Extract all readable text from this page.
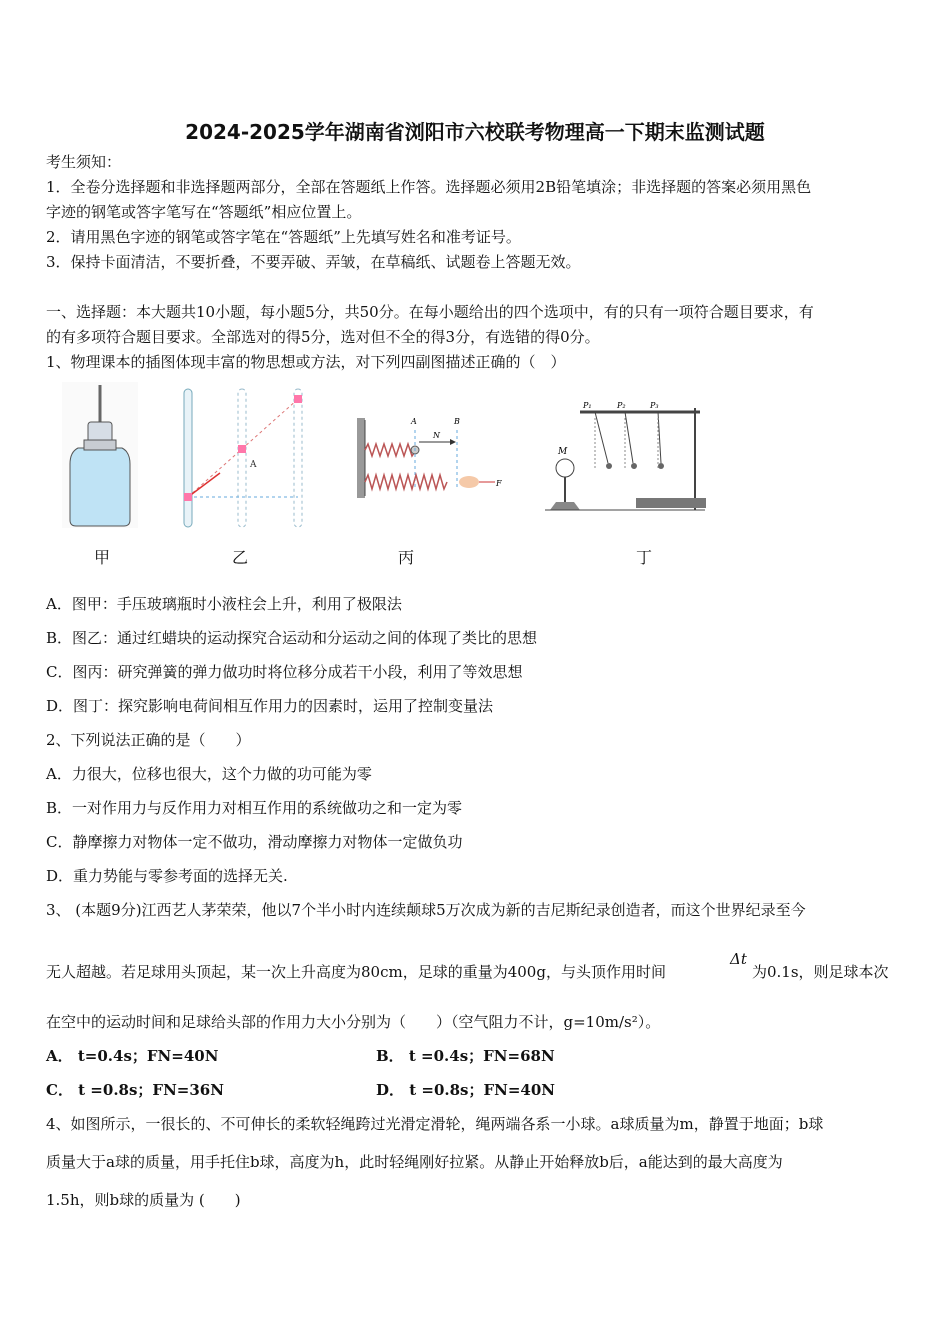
2024-2025学年湖南省浏阳市六校联考物理高一下期末监测试题
考生须知：
1．全卷分选择题和非选择题两部分，全部在答题纸上作答。选择题必须用2B铅笔填涂；非选择题的答案必须用黑色
字迹的钢笔或答字笔写在“答题纸”相应位置上。
2．请用黑色字迹的钢笔或答字笔在“答题纸”上先填写姓名和准考证号。
3．保持卡面清洁，不要折叠，不要弄破、弄皱，在草稿纸、试题卷上答题无效。
一、选择题：本大题共10小题，每小题5分，共50分。在每小题给出的四个选项中，有的只有一项符合题目要求，有
的有多项符合题目要求。全部选对的得5分，选对但不全的得3分，有选错的得0分。
1、物理课本的插图体现丰富的物思想或方法，对下列四副图描述正确的（　）
甲
A
乙
A	B
N
F
丙
P₁	P₂	P₃
M
丁
A．图甲：手压玻璃瓶时小液柱会上升，利用了极限法
B．图乙：通过红蜡块的运动探究合运动和分运动之间的体现了类比的思想
C．图丙：研究弹簧的弹力做功时将位移分成若干小段，利用了等效思想
D．图丁：探究影响电荷间相互作用力的因素时，运用了控制变量法
2、下列说法正确的是（　　）
A．力很大，位移也很大，这个力做的功可能为零
B．一对作用力与反作用力对相互作用的系统做功之和一定为零
C．静摩擦力对物体一定不做功，滑动摩擦力对物体一定做负功
D．重力势能与零参考面的选择无关.
3、 (本题9分)江西艺人茅荣荣，他以7个半小时内连续颠球5万次成为新的吉尼斯纪录创造者，而这个世界纪录至今
Δt
无人超越。若足球用头顶起，某一次上升高度为80cm，足球的重量为400g，与头顶作用时间	为0.1s，则足球本次
在空中的运动时间和足球给头部的作用力大小分别为（　　）（空气阻力不计，g=10m/s²）。
A． t=0.4s；FN=40N	B． t =0.4s；FN=68N
C． t =0.8s；FN=36N	D． t =0.8s；FN=40N
4、如图所示，一很长的、不可伸长的柔软轻绳跨过光滑定滑轮，绳两端各系一小球。a球质量为m，静置于地面；b球
质量大于a球的质量，用手托住b球，高度为h，此时轻绳刚好拉紧。从静止开始释放b后，a能达到的最大高度为
1.5h，则b球的质量为 (　　)
